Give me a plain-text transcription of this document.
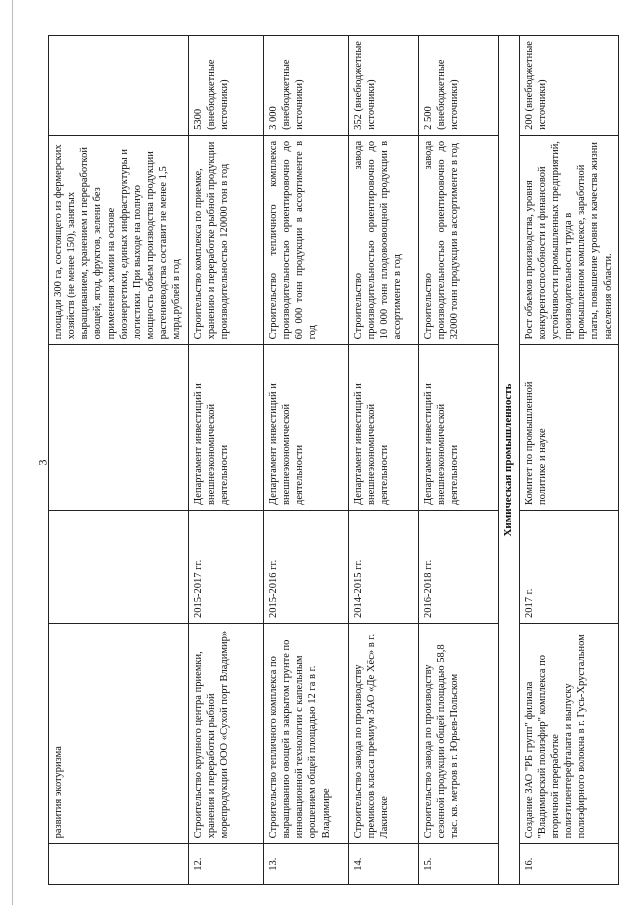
3
	развития экотуризма			площади 300 га, состоящего из фермерских хозяйств (не менее 150), занятых выращиванием, хранением и переработкой овощей, ягод, фруктов, зелени без применения химии на основе биоэнергетики, единых инфраструктуры и логистики. При выходе на полную мощность объем производства продукции растениеводства составит не менее 1,5 млрд.рублей в год	
12.	Строительство крупного центра приемки, хранения и переработки рыбной морепродукции ООО «Сухой порт Владимир»	2015-2017 гг.	Департамент инвестиций и внешнеэкономической деятельности	Строительство комплекса по приемке, хранению и переработке рыбной продукции производительностью 120000 тон в год	5300 (внебюджетные источники)
13.	Строительство тепличного комплекса по выращиванию овощей в закрытом грунте по инновационной технологии с капельным орошением общей площадью 12 га в г. Владимире	2015-2016 гг.	Департамент инвестиций и внешнеэкономической деятельности	Строительство тепличного комплекса производительностью ориентировочно до 60 000 тонн продукции в ассортименте в год	3 000 (внебюджетные источники)
14.	Строительство завода по производству премиксов класса премиум ЗАО «Де Хёс» в г. Лакинске	2014-2015 гг.	Департамент инвестиций и внешнеэкономической деятельности	Строительство завода производительностью ориентировочно до 10 000 тонн плодовоовощной продукции в ассортименте в год	352 (внебюджетные источники)
15.	Строительство завода по производству сезонной продукции общей площадью 58,8 тыс. кв. метров в г. Юрьев-Польском	2016-2018 гг.	Департамент инвестиций и внешнеэкономической деятельности	Строительство завода производительностью ориентировочно до 32000 тонн продукции в ассортименте в год	2 500 (внебюджетные источники)
Химическая промышленность					
16.	Создание ЗАО "РБ групп" филиала "Владимирский полиэфир" комплекса по вторичной переработке полиэтилентерефталата и выпуску полиэфирного волокна в г. Гусь-Хрустальном	2017 г.	Комитет по промышленной политике и науке	Рост объемов производства, уровня конкурентоспособности и финансовой устойчивости промышленных предприятий, производительности труда в промышленном комплексе, заработной платы, повышение уровня и качества жизни населения области.	200 (внебюджетные источники)
